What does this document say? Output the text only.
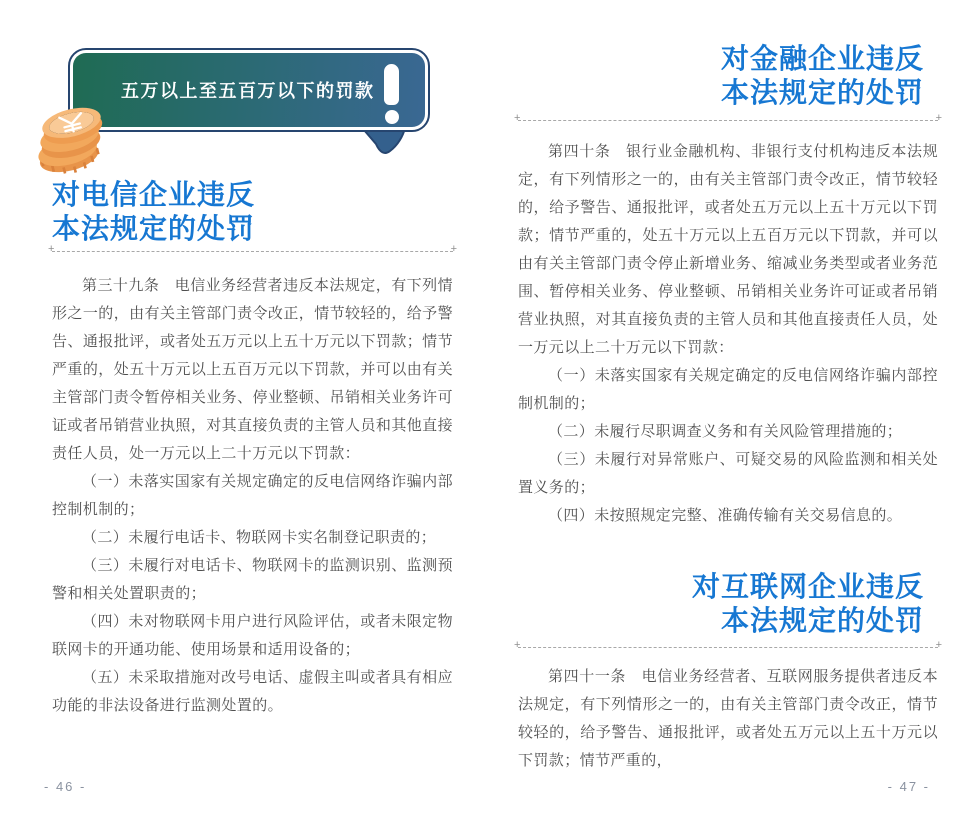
五万以上至五百万以下的罚款
对电信企业违反
本法规定的处罚
+ +

第三十九条　电信业务经营者违反本法规定，有下列情形之一的，由有关主管部门责令改正，情节较轻的，给予警告、通报批评，或者处五万元以上五十万元以下罚款；情节严重的，处五十万元以上五百万元以下罚款，并可以由有关主管部门责令暂停相关业务、停业整顿、吊销相关业务许可证或者吊销营业执照，对其直接负责的主管人员和其他直接责任人员，处一万元以上二十万元以下罚款：

（一）未落实国家有关规定确定的反电信网络诈骗内部控制机制的；

（二）未履行电话卡、物联网卡实名制登记职责的；

（三）未履行对电话卡、物联网卡的监测识别、监测预警和相关处置职责的；

（四）未对物联网卡用户进行风险评估，或者未限定物联网卡的开通功能、使用场景和适用设备的；

（五）未采取措施对改号电话、虚假主叫或者具有相应功能的非法设备进行监测处置的。

- 46 -
对金融企业违反
本法规定的处罚
+ +

第四十条　银行业金融机构、非银行支付机构违反本法规定，有下列情形之一的，由有关主管部门责令改正，情节较轻的，给予警告、通报批评，或者处五万元以上五十万元以下罚款；情节严重的，处五十万元以上五百万元以下罚款，并可以由有关主管部门责令停止新增业务、缩减业务类型或者业务范围、暂停相关业务、停业整顿、吊销相关业务许可证或者吊销营业执照，对其直接负责的主管人员和其他直接责任人员，处一万元以上二十万元以下罚款：

（一）未落实国家有关规定确定的反电信网络诈骗内部控制机制的；

（二）未履行尽职调查义务和有关风险管理措施的；

（三）未履行对异常账户、可疑交易的风险监测和相关处置义务的；

（四）未按照规定完整、准确传输有关交易信息的。

对互联网企业违反
本法规定的处罚
+ +

第四十一条　电信业务经营者、互联网服务提供者违反本法规定，有下列情形之一的，由有关主管部门责令改正，情节较轻的，给予警告、通报批评，或者处五万元以上五十万元以下罚款；情节严重的，

- 47 -
